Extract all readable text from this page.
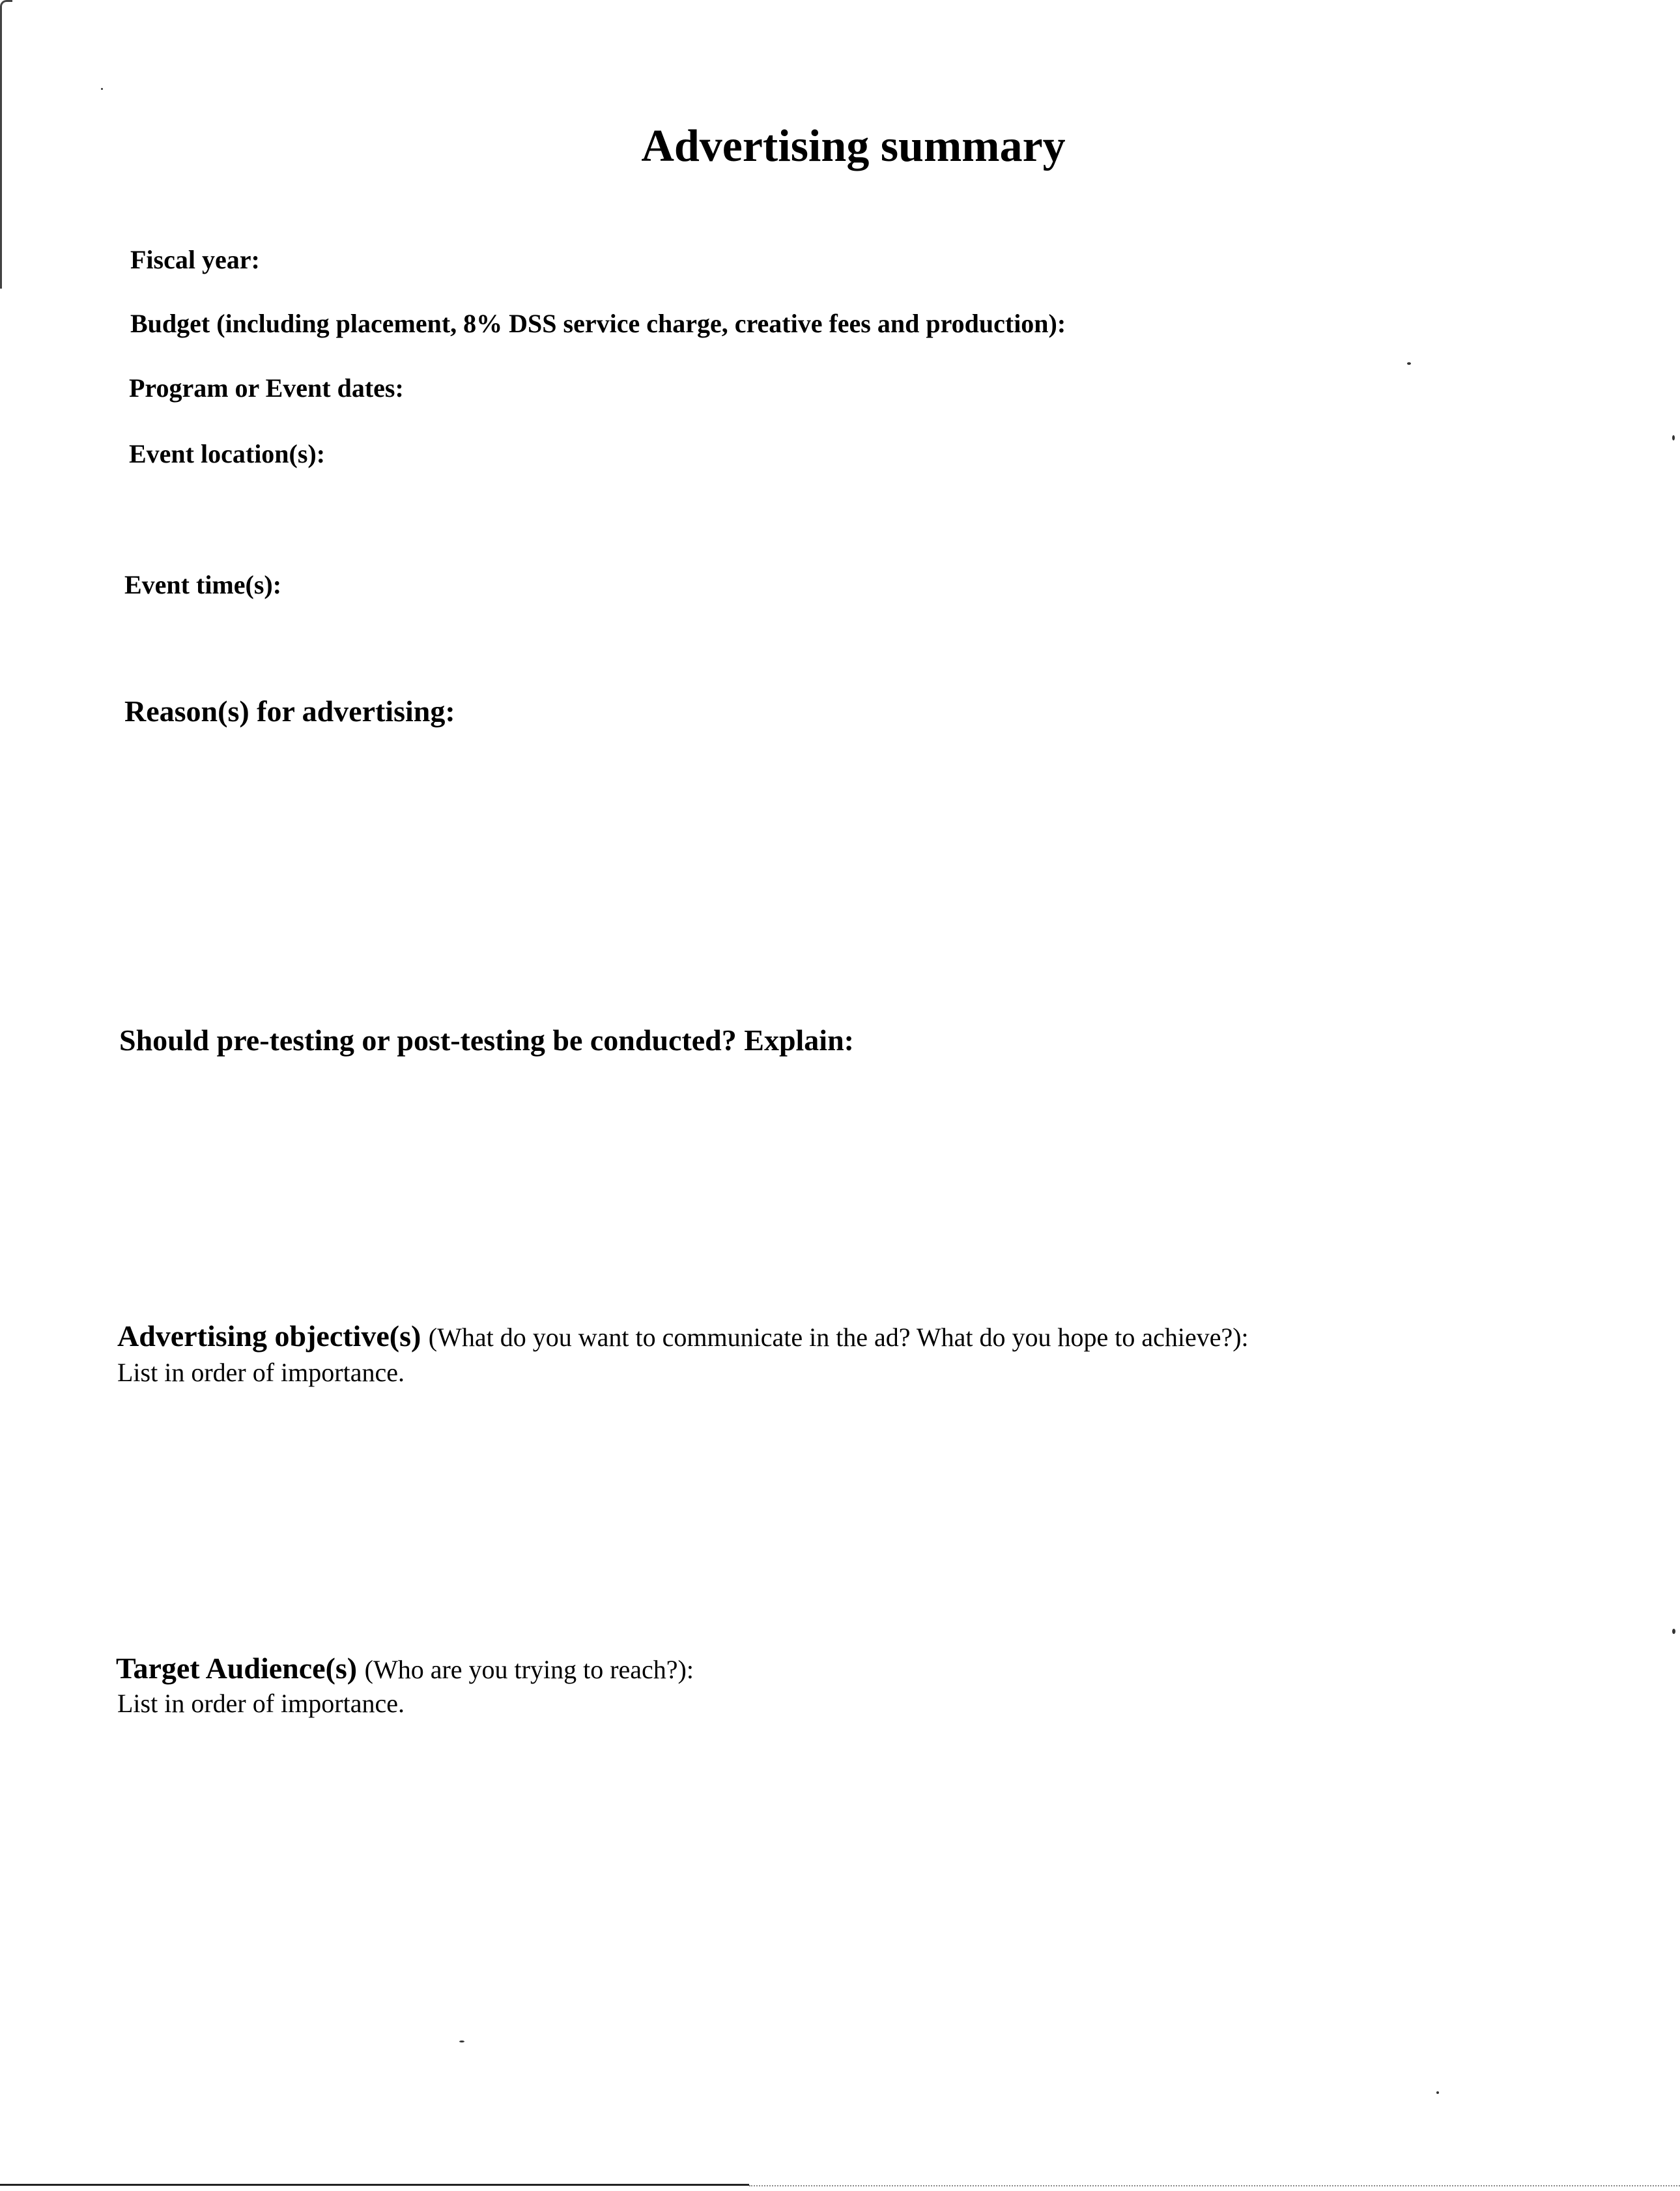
Advertising summary
Fiscal year:
Budget (including placement, 8% DSS service charge, creative fees and production):
Program or Event dates:
Event location(s):
Event time(s):
Reason(s) for advertising:
Should pre-testing or post-testing be conducted? Explain:
Advertising objective(s) (What do you want to communicate in the ad? What do you hope to achieve?):
List in order of importance.
Target Audience(s) (Who are you trying to reach?):
List in order of importance.
